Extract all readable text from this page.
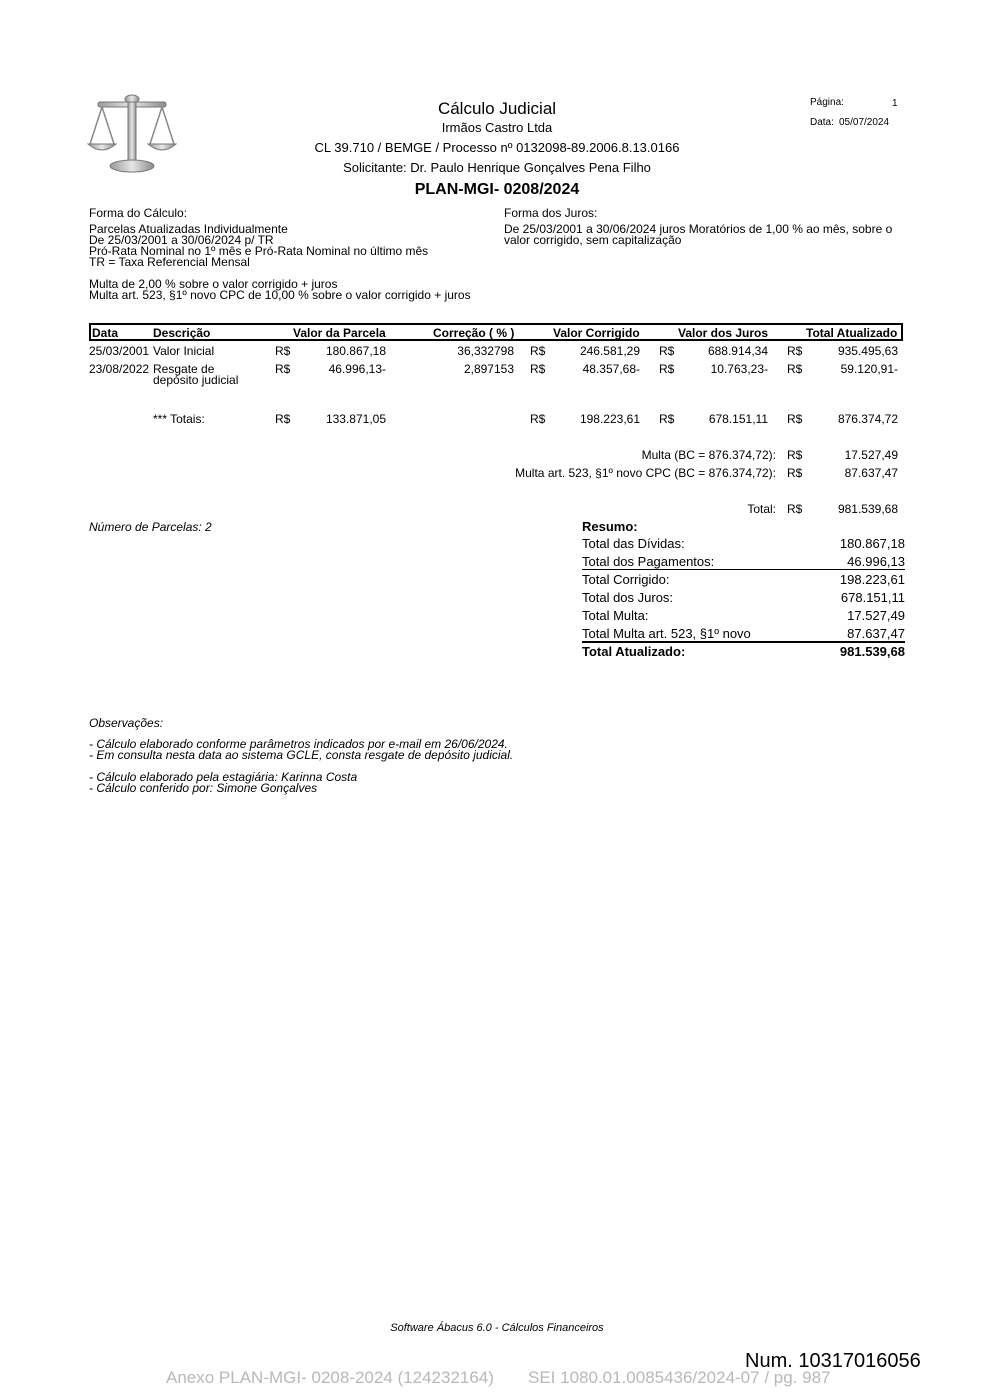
Cálculo Judicial
Irmãos Castro Ltda
CL 39.710 / BEMGE / Processo nº 0132098-89.2006.8.13.0166
Solicitante: Dr. Paulo Henrique Gonçalves Pena Filho
PLAN-MGI- 0208/2024
Página:	1
Data: 05/07/2024
Forma do Cálculo:
Parcelas Atualizadas Individualmente
De 25/03/2001 a 30/06/2024 p/ TR
Pró-Rata Nominal no 1º mês e Pró-Rata Nominal no último mês
TR = Taxa Referencial Mensal
Multa de 2,00 % sobre o valor corrigido + juros
Multa art. 523, §1º novo CPC de 10,00 % sobre o valor corrigido + juros
Forma dos Juros:
De 25/03/2001 a 30/06/2024 juros Moratórios de 1,00 % ao mês, sobre o
valor corrigido, sem capitalização
Data	Descrição	Valor da Parcela	Correção ( % )	Valor Corrigido	Valor dos Juros	Total Atualizado
25/03/2001 Valor Inicial	R$	180.867,18	36,332798 R$	246.581,29 R$	688.914,34 R$	935.495,63
23/08/2022 Resgate de
depósito judicial
R$	46.996,13-	2,897153 R$	48.357,68- R$	10.763,23- R$	59.120,91-
*** Totais:	R$	133.871,05	R$	198.223,61 R$	678.151,11 R$	876.374,72
Multa (BC = 876.374,72): R$	17.527,49
Multa art. 523, §1º novo CPC (BC = 876.374,72): R$	87.637,47
Total: R$	981.539,68
Número de Parcelas: 2	Resumo:
Total das Dívidas:	180.867,18
Total dos Pagamentos:	46.996,13
Total Corrigido:	198.223,61
Total dos Juros:	678.151,11
Total Multa:	17.527,49
Total Multa art. 523, §1º novo	87.637,47
Total Atualizado:	981.539,68
Observações:
- Cálculo elaborado conforme parâmetros indicados por e-mail em 26/06/2024.
- Em consulta nesta data ao sistema GCLE, consta resgate de depósito judicial.
- Cálculo elaborado pela estagiária: Karinna Costa
- Cálculo conferido por: Simone Gonçalves
Software Ábacus 6.0 - Cálculos Financeiros
Num. 10317016056
Anexo PLAN-MGI- 0208-2024 (124232164) SEI 1080.01.0085436/2024-07 / pg. 987
